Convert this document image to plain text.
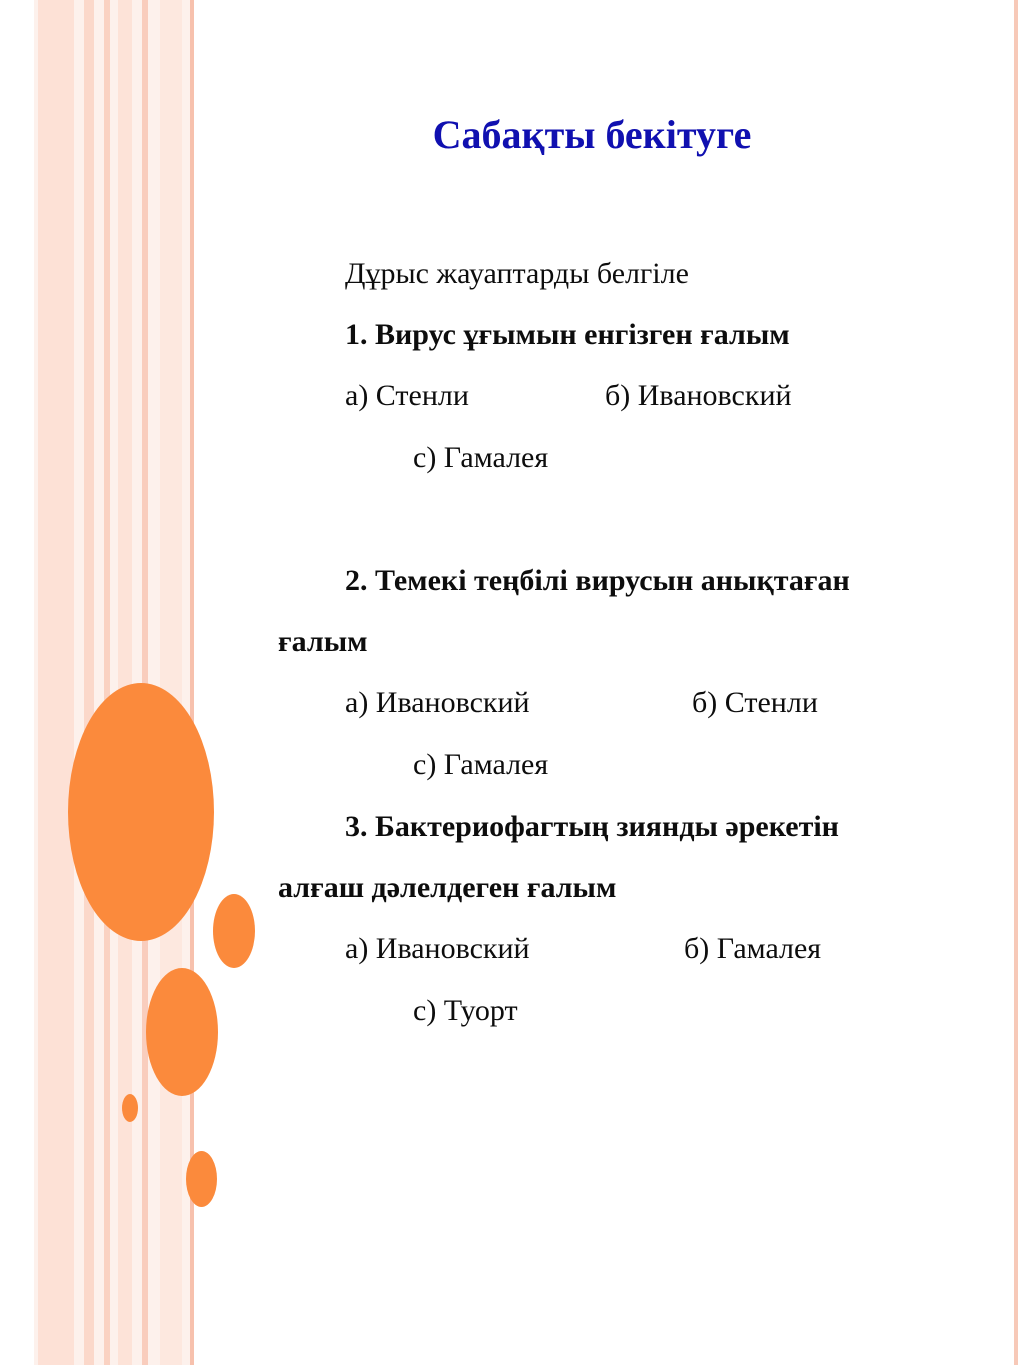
Сабақты бекітуге

Дұрыс жауаптарды белгіле

1. Вирус ұғымын енгізген ғалым

а) Стенли	б) Ивановский

с) Гамалея

2. Темекі теңбілі вирусын анықтаған

ғалым

а) Ивановский	б) Стенли

с) Гамалея

3. Бактериофагтың зиянды әрекетін

алғаш дәлелдеген ғалым

а) Ивановский	б) Гамалея

с) Туорт
